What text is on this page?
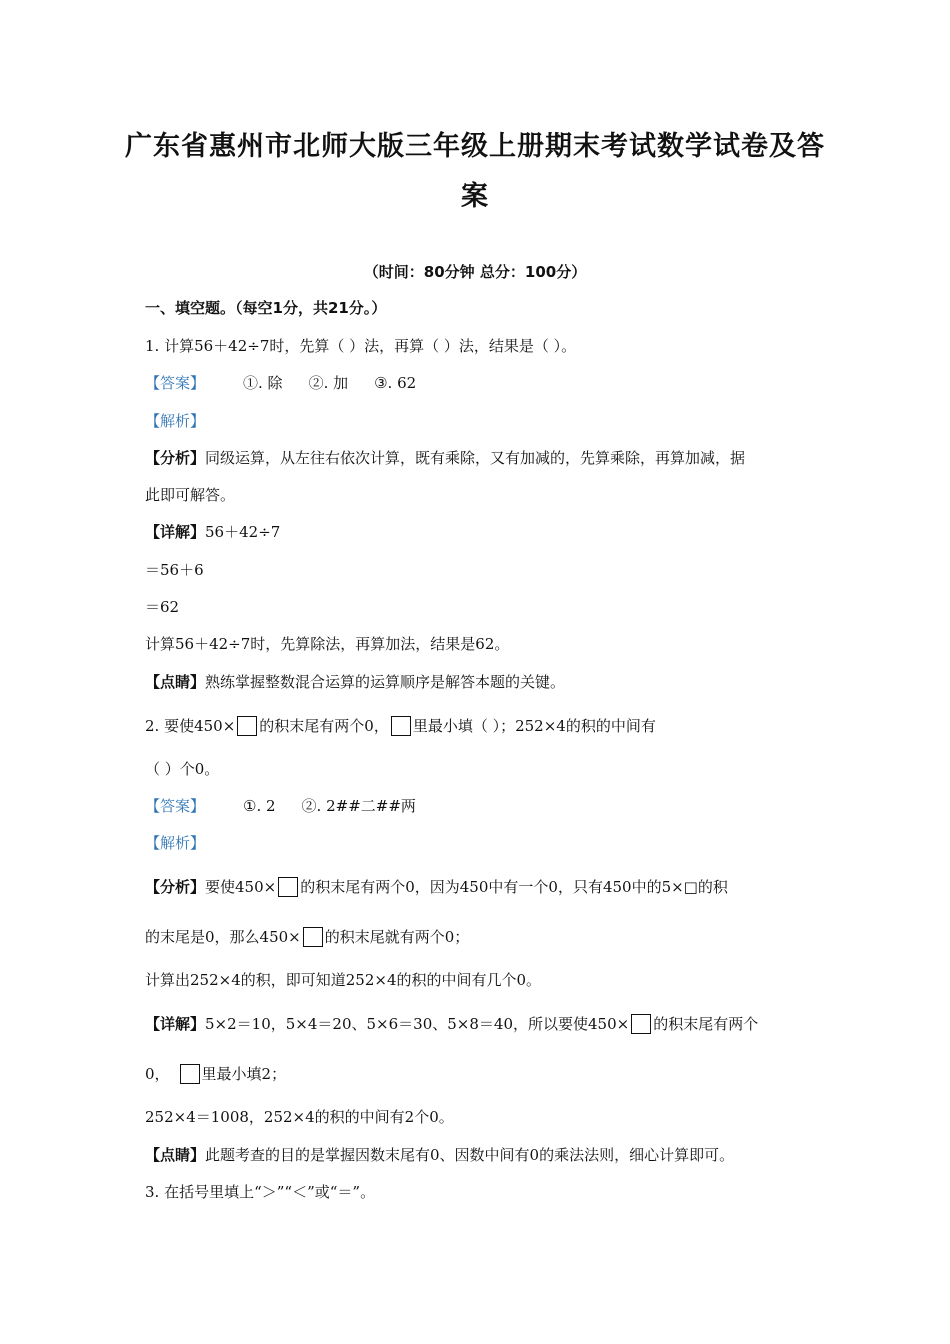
广东省惠州市北师大版三年级上册期末考试数学试卷及答
案
（时间：80分钟 总分：100分）
一、填空题。（每空1分，共21分。）
1. 计算56＋42÷7时，先算（ ）法，再算（ ）法，结果是（ ）。
【答案】	①. 除 ②. 加 ③. 62
【解析】
【分析】同级运算，从左往右依次计算，既有乘除，又有加减的，先算乘除，再算加减，据
此即可解答。
【详解】56＋42÷7
＝56＋6
＝62
计算56＋42÷7时，先算除法，再算加法，结果是62。
【点睛】熟练掌握整数混合运算的运算顺序是解答本题的关键。
2. 要使450× 的积末尾有两个0， 里最小填（ ）；252×4的积的中间有
（ ）个0。
【答案】	①. 2 ②. 2##二##两
【解析】
【分析】要使450× 的积末尾有两个0，因为450中有一个0，只有450中的5×□的积
的末尾是0，那么450× 的积末尾就有两个0；
计算出252×4的积，即可知道252×4的积的中间有几个0。
【详解】5×2＝10，5×4＝20、5×6＝30、5×8＝40，所以要使450× 的积末尾有两个
0， 里最小填2；
252×4＝1008，252×4的积的中间有2个0。
【点睛】此题考查的目的是掌握因数末尾有0、因数中间有0的乘法法则，细心计算即可。
3. 在括号里填上“＞”“＜”或“＝”。
